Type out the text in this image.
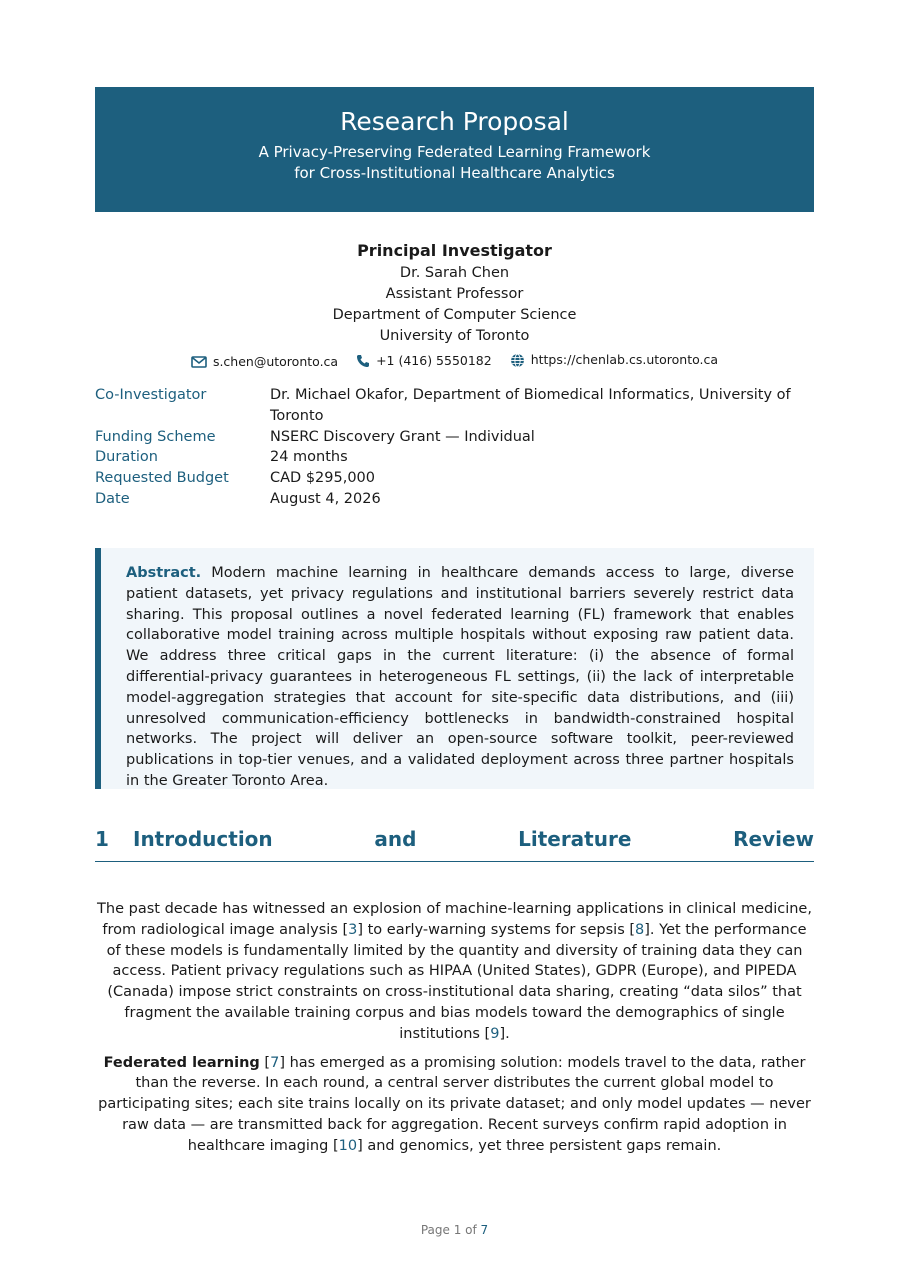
Research Proposal
A Privacy-Preserving Federated Learning Framework
for Cross-Institutional Healthcare Analytics
Principal Investigator
Dr. Sarah Chen
Assistant Professor
Department of Computer Science
University of Toronto
s.chen@utoronto.ca
	+1 (416) 5550182
	https://chenlab.cs.utoronto.ca
Co-Investigator	Dr. Michael Okafor, Department of Biomedical Informatics, University of Toronto
Funding Scheme	NSERC Discovery Grant — Individual
Duration	24 months
Requested Budget	CAD $295,000
Date	August 4, 2026
Abstract. Modern machine learning in healthcare demands access to large, diverse patient datasets, yet privacy regulations and institutional barriers severely restrict data sharing. This proposal outlines a novel federated learning (FL) framework that enables collaborative model training across multiple hospitals without exposing raw patient data. We address three critical gaps in the current literature: (i) the absence of formal differential-privacy guarantees in heterogeneous FL settings, (ii) the lack of interpretable model-aggregation strategies that account for site-specific data distributions, and (iii) unresolved communication-efficiency bottlenecks in bandwidth-constrained hospital networks. The project will deliver an open-source software toolkit, peer-reviewed publications in top-tier venues, and a validated deployment across three partner hospitals in the Greater Toronto Area.
1	Introduction	and	Literature	Review

The past decade has witnessed an explosion of machine-learning applications in clinical medicine, from radiological image analysis [3] to early-warning systems for sepsis [8]. Yet the performance of these models is fundamentally limited by the quantity and diversity of training data they can access. Patient privacy regulations such as HIPAA (United States), GDPR (Europe), and PIPEDA (Canada) impose strict constraints on cross-institutional data sharing, creating “data silos” that fragment the available training corpus and bias models toward the demographics of single institutions [9].

Federated learning [7] has emerged as a promising solution: models travel to the data, rather than the reverse. In each round, a central server distributes the current global model to participating sites; each site trains locally on its private dataset; and only model updates — never raw data — are transmitted back for aggregation. Recent surveys confirm rapid adoption in healthcare imaging [10] and genomics, yet three persistent gaps remain.

Page 1 of 7
